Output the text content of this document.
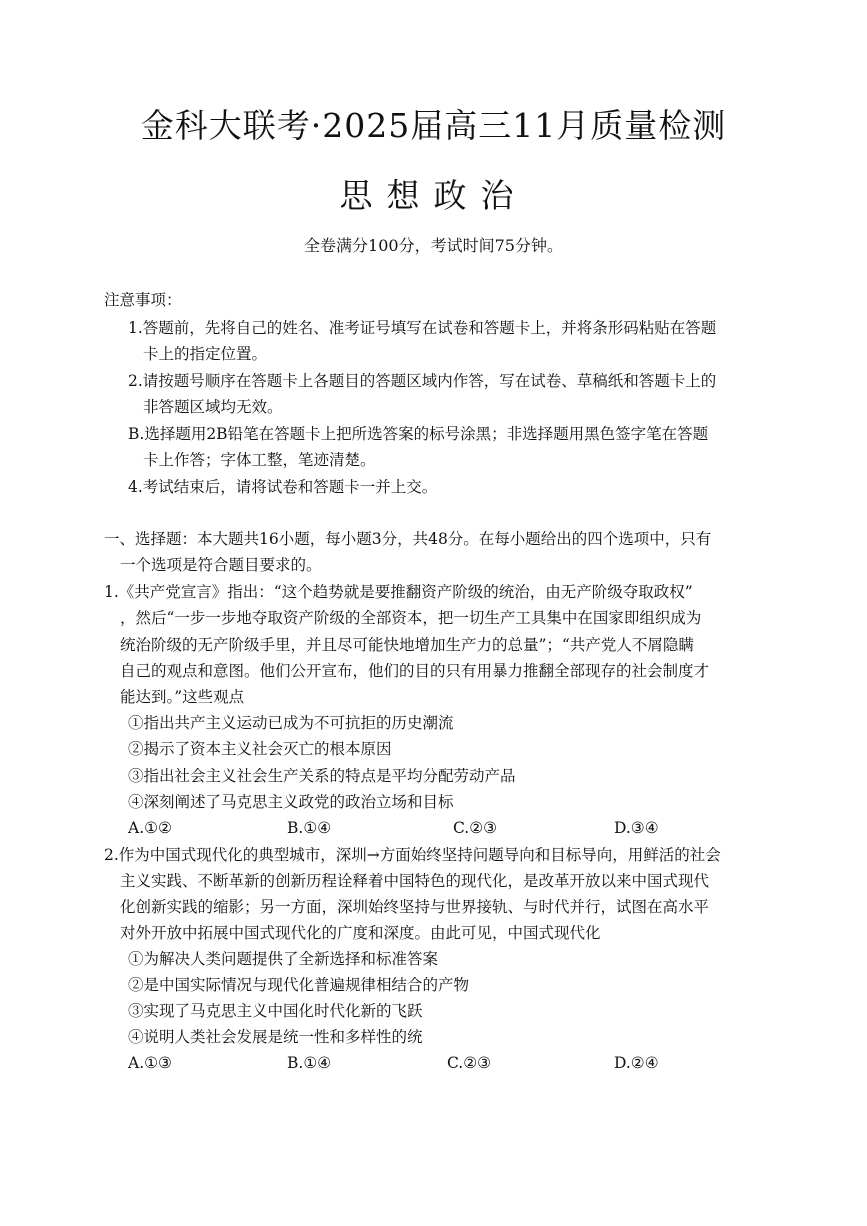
金科大联考·2025届高三11月质量检测
思想政治
全卷满分100分，考试时间75分钟。
注意事项：
1.答题前，先将自己的姓名、准考证号填写在试卷和答题卡上，并将条形码粘贴在答题
卡上的指定位置。
2.请按题号顺序在答题卡上各题目的答题区域内作答，写在试卷、草稿纸和答题卡上的
非答题区域均无效。
B.选择题用2B铅笔在答题卡上把所选答案的标号涂黑；非选择题用黑色签字笔在答题
卡上作答；字体工整，笔迹清楚。
4.考试结束后，请将试卷和答题卡一并上交。
一、选择题：本大题共16小题，每小题3分，共48分。在每小题给出的四个选项中，只有
一个选项是符合题目要求的。
1.《共产党宣言》指出：“这个趋势就是要推翻资产阶级的统治，由无产阶级夺取政权”
，然后“一步一步地夺取资产阶级的全部资本，把一切生产工具集中在国家即组织成为
统治阶级的无产阶级手里，并且尽可能快地增加生产力的总量”；“共产党人不屑隐瞒
自己的观点和意图。他们公开宣布，他们的目的只有用暴力推翻全部现存的社会制度才
能达到。”这些观点
①指出共产主义运动已成为不可抗拒的历史潮流
②揭示了资本主义社会灭亡的根本原因
③指出社会主义社会生产关系的特点是平均分配劳动产品
④深刻阐述了马克思主义政党的政治立场和目标
A.①②	B.①④	C.②③	D.③④
2.作为中国式现代化的典型城市，深圳→方面始终坚持问题导向和目标导向，用鲜活的社会
主义实践、不断革新的创新历程诠释着中国特色的现代化，是改革开放以来中国式现代
化创新实践的缩影；另一方面，深圳始终坚持与世界接轨、与时代并行，试图在高水平
对外开放中拓展中国式现代化的广度和深度。由此可见，中国式现代化
①为解决人类问题提供了全新选择和标准答案
②是中国实际情况与现代化普遍规律相结合的产物
③实现了马克思主义中国化时代化新的飞跃
④说明人类社会发展是统一性和多样性的统
A.①③	B.①④	C.②③	D.②④
